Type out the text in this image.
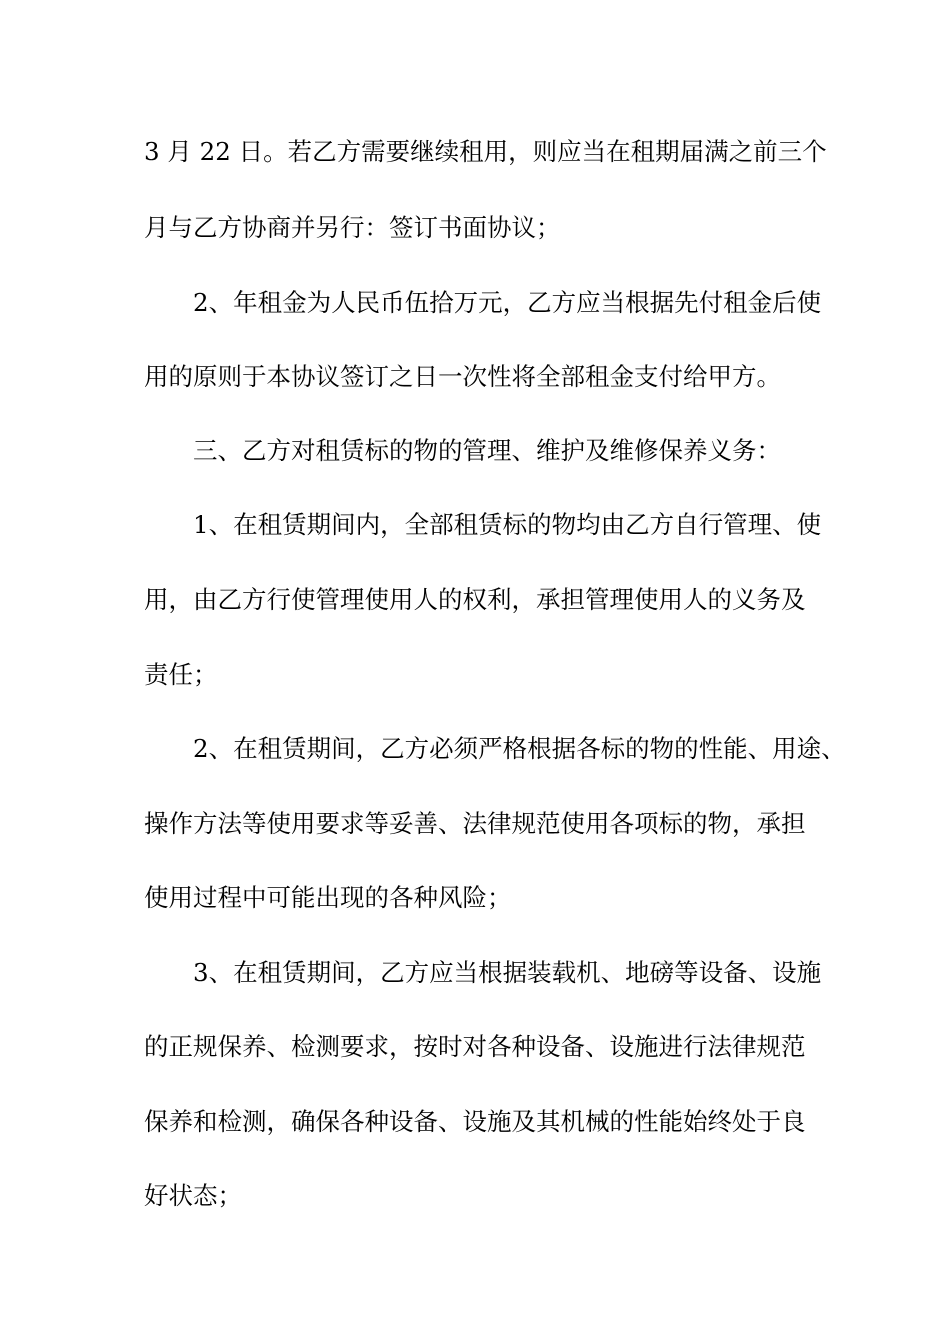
3 月 22 日。若乙方需要继续租用，则应当在租期届满之前三个
月与乙方协商并另行：签订书面协议；
2、年租金为人民币伍拾万元，乙方应当根据先付租金后使
用的原则于本协议签订之日一次性将全部租金支付给甲方。
三、乙方对租赁标的物的管理、维护及维修保养义务：
1、在租赁期间内，全部租赁标的物均由乙方自行管理、使
用，由乙方行使管理使用人的权利，承担管理使用人的义务及
责任；
2、在租赁期间，乙方必须严格根据各标的物的性能、用途、
操作方法等使用要求等妥善、法律规范使用各项标的物，承担
使用过程中可能出现的各种风险；
3、在租赁期间，乙方应当根据装载机、地磅等设备、设施
的正规保养、检测要求，按时对各种设备、设施进行法律规范
保养和检测，确保各种设备、设施及其机械的性能始终处于良
好状态；
